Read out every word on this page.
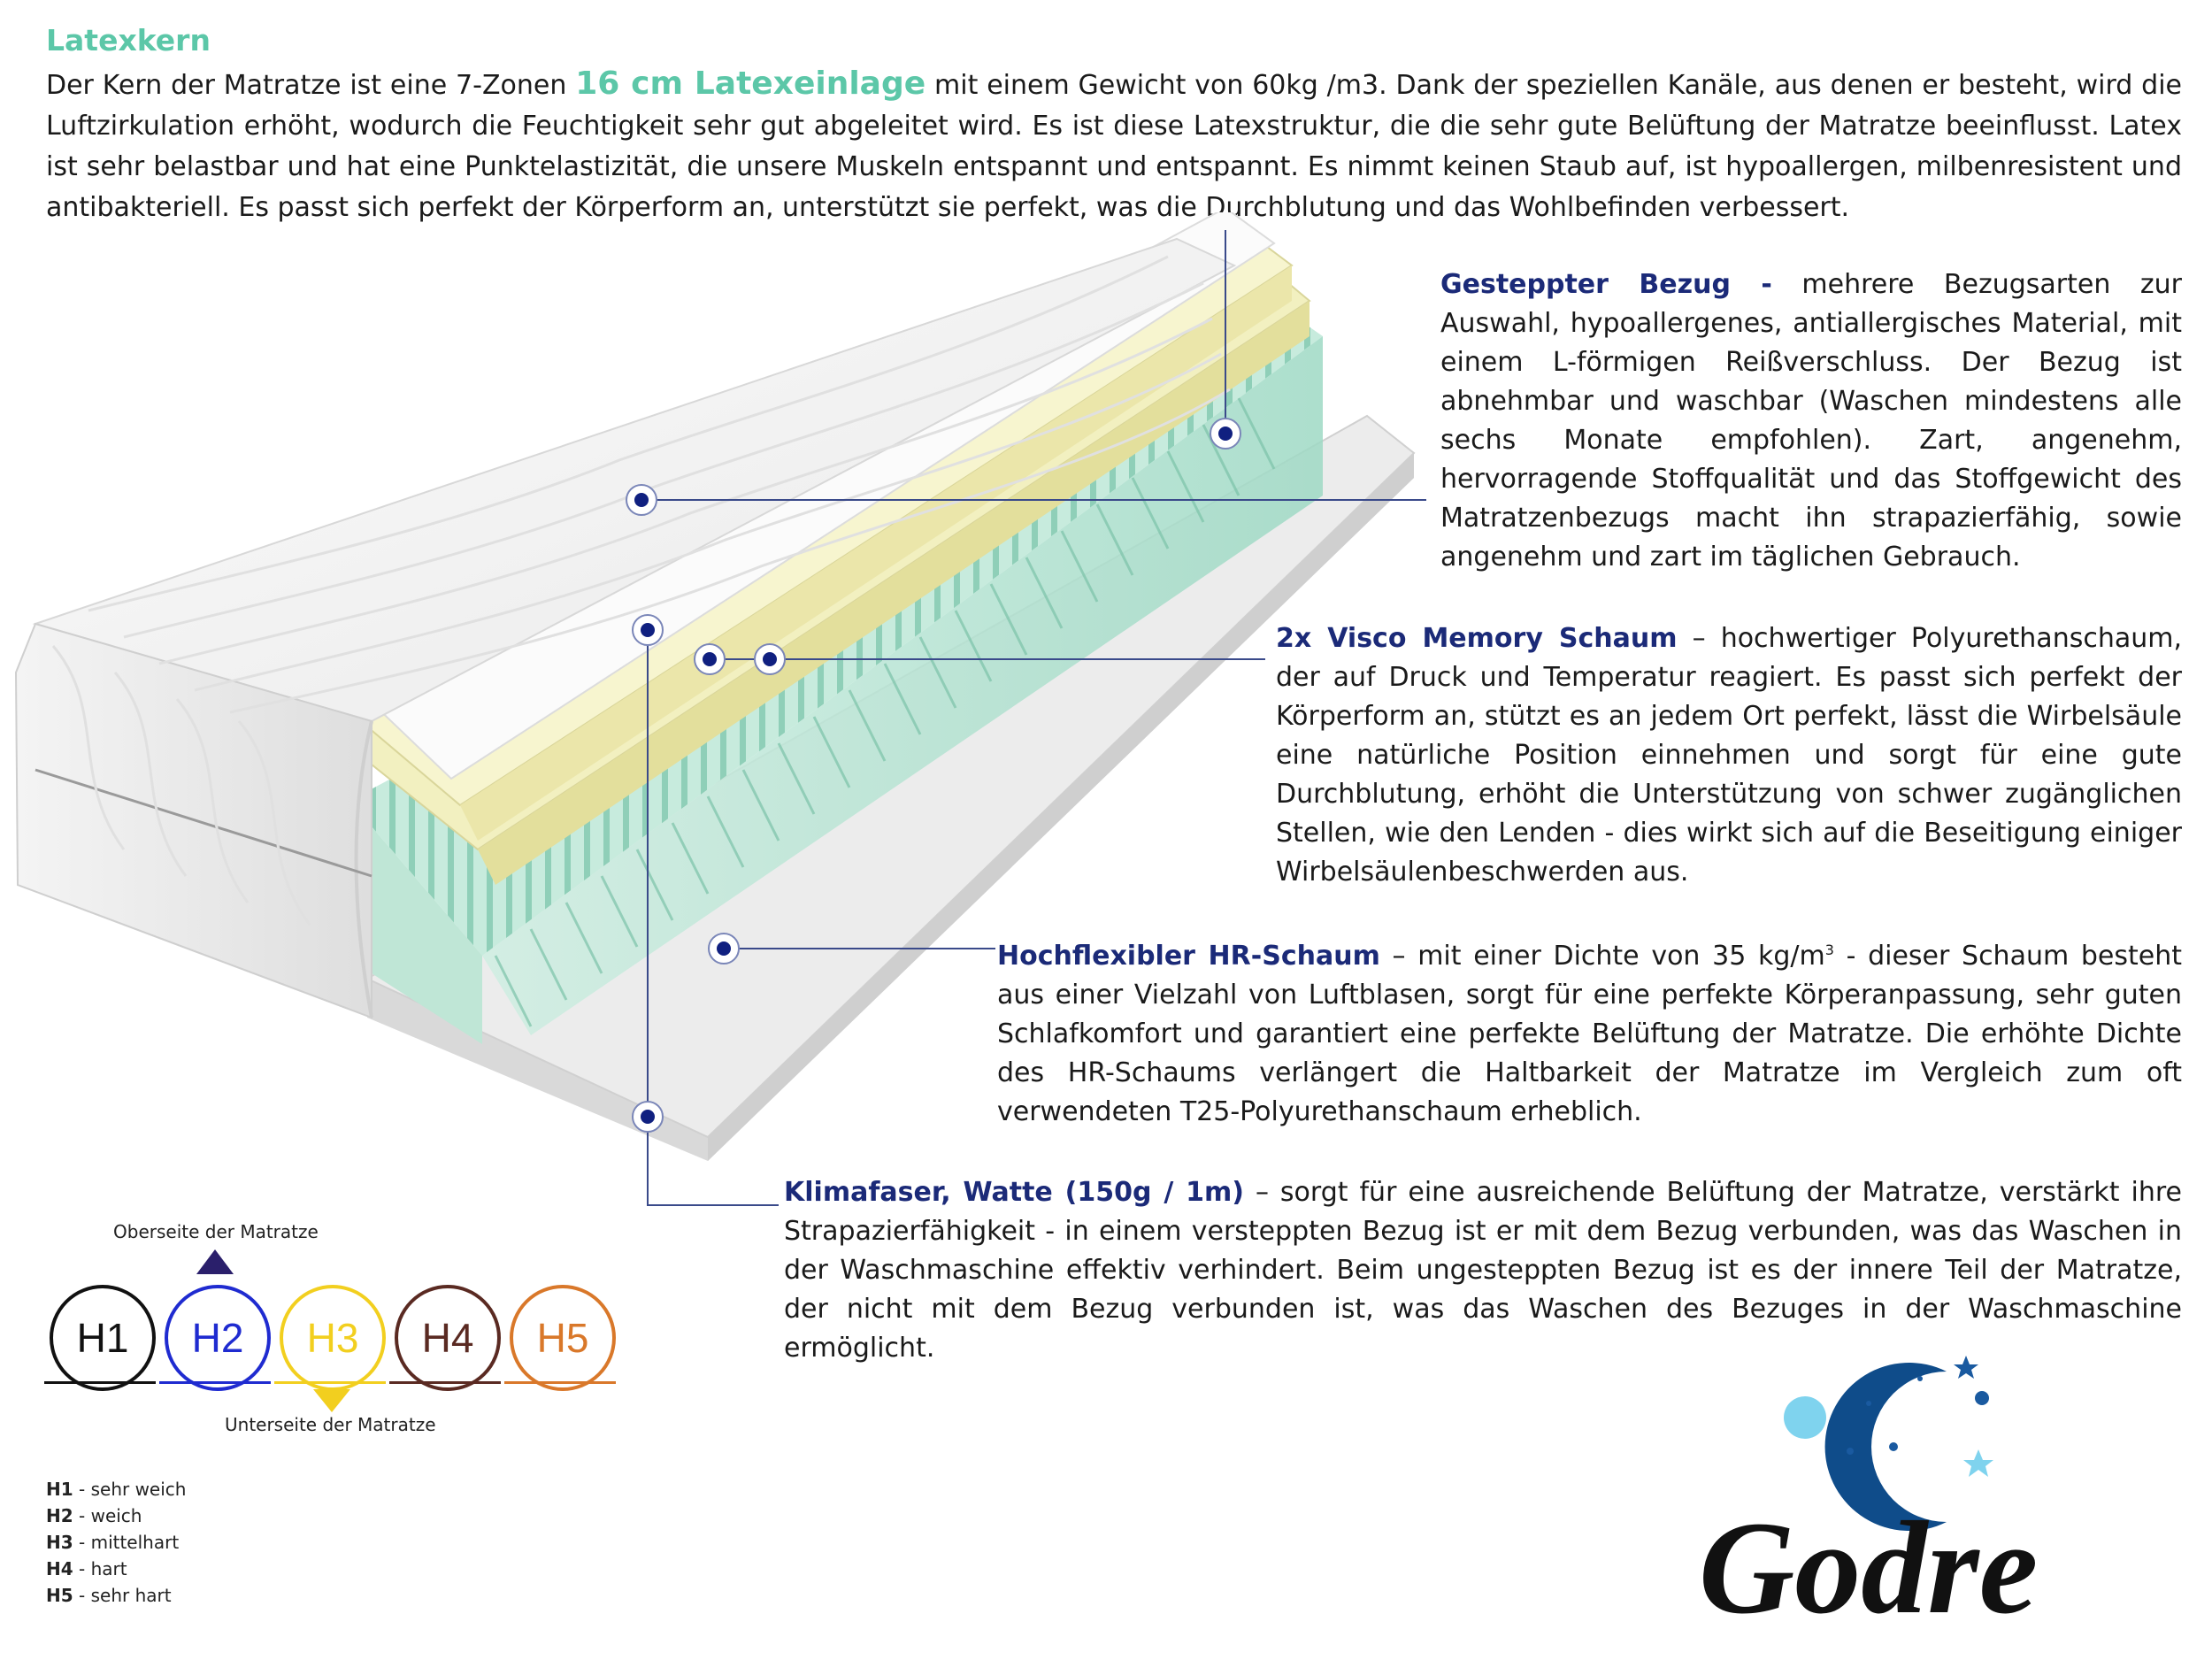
Latexkern
Der Kern der Matratze ist eine 7-Zonen 16 cm Latexeinlage mit einem Gewicht von 60kg /m3. Dank der speziellen Kanäle, aus denen er besteht, wird die Luftzirkulation erhöht, wodurch die Feuchtigkeit sehr gut abgeleitet wird. Es ist diese Latexstruktur, die die sehr gute Belüftung der Matratze beeinflusst. Latex ist sehr belastbar und hat eine Punktelastizität, die unsere Muskeln entspannt und entspannt. Es nimmt keinen Staub auf, ist hypoallergen, milbenresistent und antibakteriell. Es passt sich perfekt der Körperform an, unterstützt sie perfekt, was die Durchblutung und das Wohlbefinden verbessert.
Gesteppter Bezug - mehrere Bezugsarten zur Auswahl, hypoallergenes, antiallergisches Material, mit einem L-förmigen Reißverschluss. Der Bezug ist abnehmbar und waschbar (Waschen mindestens alle sechs Monate empfohlen). Zart, angenehm, hervorragende Stoffqualität und das Stoffgewicht des Matratzenbezugs macht ihn strapazierfähig, sowie angenehm und zart im täglichen Gebrauch.
2x Visco Memory Schaum – hochwertiger Polyurethanschaum, der auf Druck und Temperatur reagiert. Es passt sich perfekt der Körperform an, stützt es an jedem Ort perfekt, lässt die Wirbelsäule eine natürliche Position einnehmen und sorgt für eine gute Durchblutung, erhöht die Unterstützung von schwer zugänglichen Stellen, wie den Lenden - dies wirkt sich auf die Beseitigung einiger Wirbelsäulenbeschwerden aus.
Hochflexibler HR-Schaum – mit einer Dichte von 35 $kg/m^3$ - dieser Schaum besteht aus einer Vielzahl von Luftblasen, sorgt für eine perfekte Körperanpassung, sehr guten Schlafkomfort und garantiert eine perfekte Belüftung der Matratze. Die erhöhte Dichte des HR-Schaums verlängert die Haltbarkeit der Matratze im Vergleich zum oft verwendeten T25-Polyurethanschaum erheblich.
Klimafaser, Watte (150g / 1m) – sorgt für eine ausreichende Belüftung der Matratze, verstärkt ihre Strapazierfähigkeit - in einem versteppten Bezug ist er mit dem Bezug verbunden, was das Waschen in der Waschmaschine effektiv verhindert. Beim ungesteppten Bezug ist es der innere Teil der Matratze, der nicht mit dem Bezug verbunden ist, was das Waschen des Bezuges in der Waschmaschine ermöglicht.
Oberseite der Matratze
H1 H2 H3 H4 H5
Unterseite der Matratze
H1 - sehr weich
H2 - weich
H3 - mittelhart
H4 - hart
H5 - sehr hart	Godre
